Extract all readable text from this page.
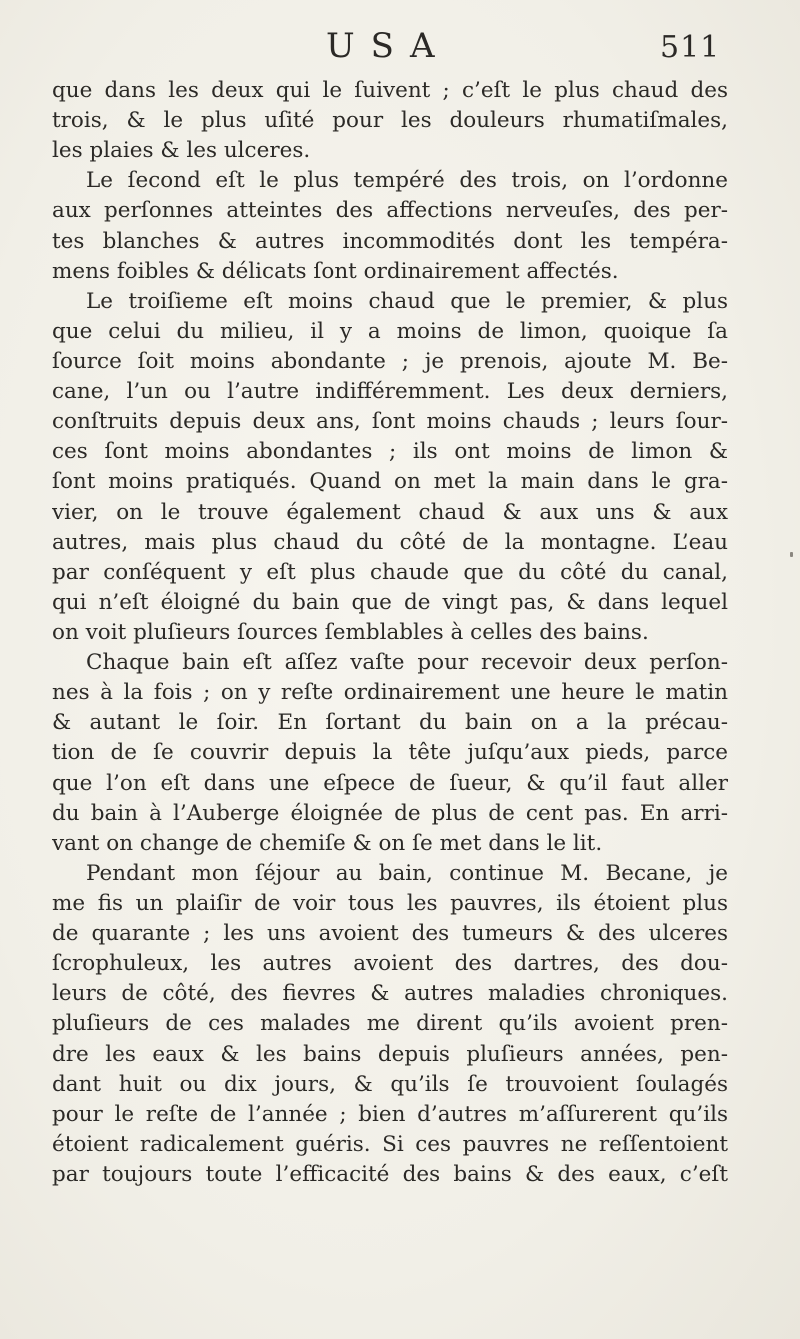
USA	511
que dans les deux qui le ſuivent ; c’eſt le plus chaud des
trois, & le plus uſité pour les douleurs rhumatiſmales,
les plaies & les ulceres.
Le ſecond eſt le plus tempéré des trois, on l’ordonne
aux perſonnes atteintes des affections nerveuſes, des per-
tes blanches & autres incommodités dont les tempéra-
mens foibles & délicats ſont ordinairement affectés.
Le troiſieme eſt moins chaud que le premier, & plus
que celui du milieu, il y a moins de limon, quoique ſa
ſource ſoit moins abondante ; je prenois, ajoute M. Be-
cane, l’un ou l’autre indifféremment. Les deux derniers,
conſtruits depuis deux ans, ſont moins chauds ; leurs ſour-
ces ſont moins abondantes ; ils ont moins de limon &
ſont moins pratiqués. Quand on met la main dans le gra-
vier, on le trouve également chaud & aux uns & aux
autres, mais plus chaud du côté de la montagne. L’eau
par conſéquent y eſt plus chaude que du côté du canal,
qui n’eſt éloigné du bain que de vingt pas, & dans lequel
on voit pluſieurs ſources ſemblables à celles des bains.
Chaque bain eſt aſſez vaſte pour recevoir deux perſon-
nes à la fois ; on y reſte ordinairement une heure le matin
& autant le ſoir. En ſortant du bain on a la précau-
tion de ſe couvrir depuis la tête juſqu’aux pieds, parce
que l’on eſt dans une eſpece de ſueur, & qu’il faut aller
du bain à l’Auberge éloignée de plus de cent pas. En arri-
vant on change de chemiſe & on ſe met dans le lit.
Pendant mon ſéjour au bain, continue M. Becane, je
me fis un plaiſir de voir tous les pauvres, ils étoient plus
de quarante ; les uns avoient des tumeurs & des ulceres
ſcrophuleux, les autres avoient des dartres, des dou-
leurs de côté, des fievres & autres maladies chroniques.
pluſieurs de ces malades me dirent qu’ils avoient pren-
dre les eaux & les bains depuis pluſieurs années, pen-
dant huit ou dix jours, & qu’ils ſe trouvoient ſoulagés
pour le reſte de l’année ; bien d’autres m’aſſurerent qu’ils
étoient radicalement guéris. Si ces pauvres ne reſſentoient
par toujours toute l’efficacité des bains & des eaux, c’eſt
